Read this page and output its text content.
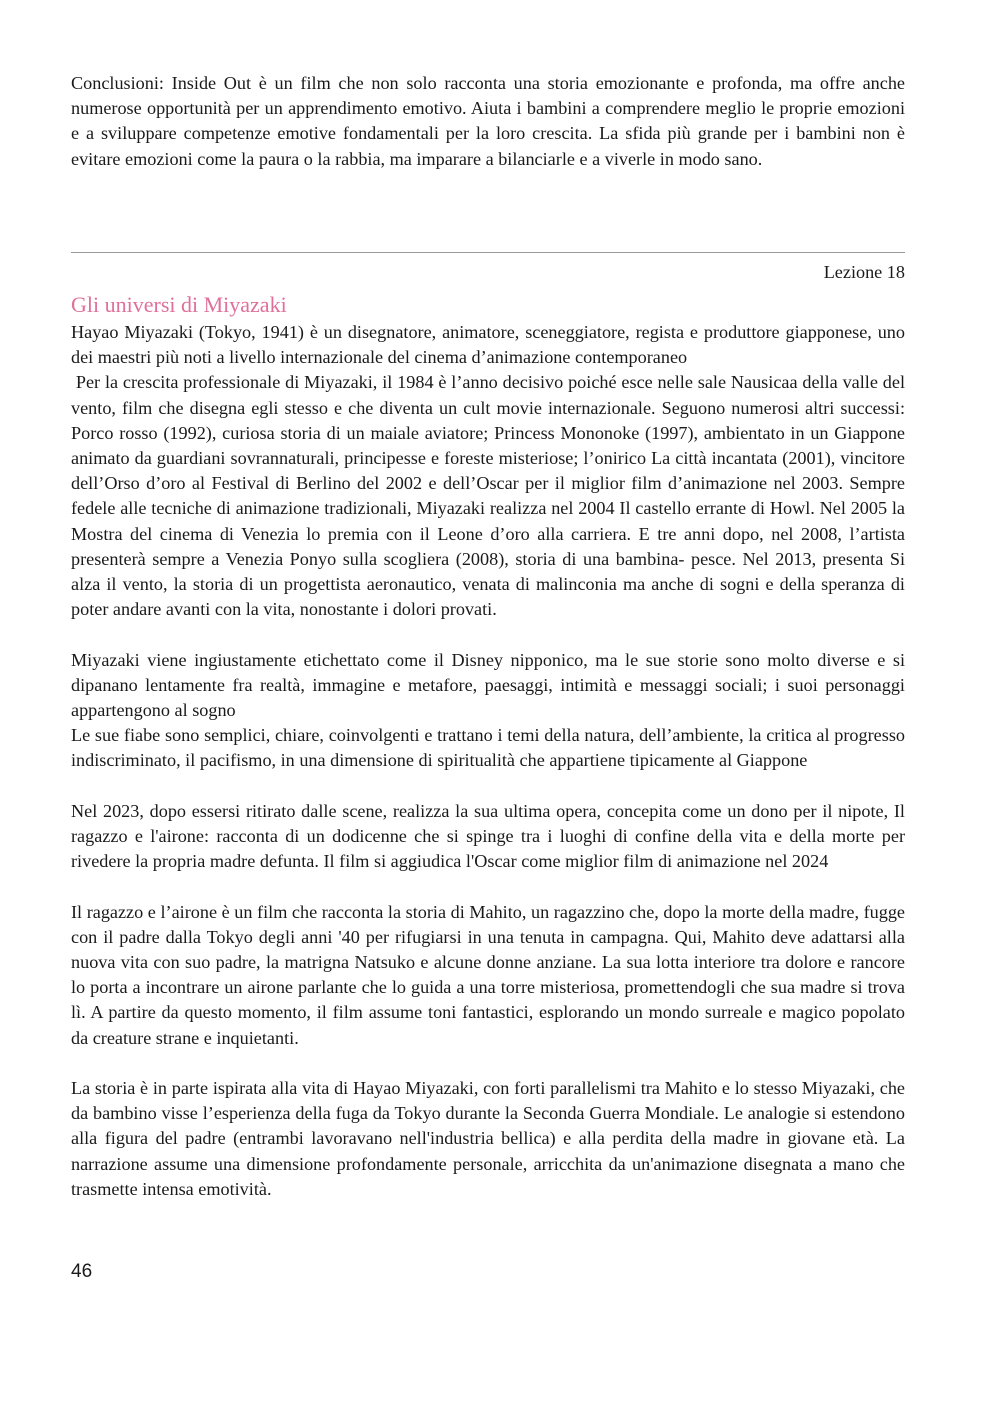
Conclusioni: Inside Out è un film che non solo racconta una storia emozionante e profonda, ma offre anche numerose opportunità per un apprendimento emotivo. Aiuta i bambini a comprendere meglio le proprie emozioni e a sviluppare competenze emotive fondamentali per la loro crescita. La sfida più grande per i bambini non è evitare emozioni come la paura o la rabbia, ma imparare a bilanciarle e a viverle in modo sano.

Lezione 18
Gli universi di Miyazaki

Hayao Miyazaki (Tokyo, 1941) è un disegnatore, animatore, sceneggiatore, regista e produttore giapponese, uno dei maestri più noti a livello internazionale del cinema d’animazione contemporaneo

Per la crescita professionale di Miyazaki, il 1984 è l’anno decisivo poiché esce nelle sale Nausicaa della valle del vento, film che disegna egli stesso e che diventa un cult movie internazionale. Seguono numerosi altri successi: Porco rosso (1992), curiosa storia di un maiale aviatore; Princess Mononoke (1997), ambientato in un Giappone animato da guardiani sovrannaturali, principesse e foreste misteriose; l’onirico La città incantata (2001), vincitore dell’Orso d’oro al Festival di Berlino del 2002 e dell’Oscar per il miglior film d’animazione nel 2003. Sempre fedele alle tecniche di animazione tradizionali, Miyazaki realizza nel 2004 Il castello errante di Howl. Nel 2005 la Mostra del cinema di Venezia lo premia con il Leone d’oro alla carriera. E tre anni dopo, nel 2008, l’artista presenterà sempre a Venezia Ponyo sulla scogliera (2008), storia di una bambina- pesce. Nel 2013, presenta Si alza il vento, la storia di un progettista aeronautico, venata di malinconia ma anche di sogni e della speranza di poter andare avanti con la vita, nonostante i dolori provati.

Miyazaki viene ingiustamente etichettato come il Disney nipponico, ma le sue storie sono molto diverse e si dipanano lentamente fra realtà, immagine e metafore, paesaggi, intimità e messaggi sociali; i suoi personaggi appartengono al sogno

Le sue fiabe sono semplici, chiare, coinvolgenti e trattano i temi della natura, dell’ambiente, la critica al progresso indiscriminato, il pacifismo, in una dimensione di spiritualità che appartiene tipicamente al Giappone

Nel 2023, dopo essersi ritirato dalle scene, realizza la sua ultima opera, concepita come un dono per il nipote, Il ragazzo e l'airone: racconta di un dodicenne che si spinge tra i luoghi di confine della vita e della morte per rivedere la propria madre defunta. Il film si aggiudica l'Oscar come miglior film di animazione nel 2024

Il ragazzo e l’airone è un film che racconta la storia di Mahito, un ragazzino che, dopo la morte della madre, fugge con il padre dalla Tokyo degli anni '40 per rifugiarsi in una tenuta in campagna. Qui, Mahito deve adattarsi alla nuova vita con suo padre, la matrigna Natsuko e alcune donne anziane. La sua lotta interiore tra dolore e rancore lo porta a incontrare un airone parlante che lo guida a una torre misteriosa, promettendogli che sua madre si trova lì. A partire da questo momento, il film assume toni fantastici, esplorando un mondo surreale e magico popolato da creature strane e inquietanti.

La storia è in parte ispirata alla vita di Hayao Miyazaki, con forti parallelismi tra Mahito e lo stesso Miyazaki, che da bambino visse l’esperienza della fuga da Tokyo durante la Seconda Guerra Mondiale. Le analogie si estendono alla figura del padre (entrambi lavoravano nell'industria bellica) e alla perdita della madre in giovane età. La narrazione assume una dimensione profondamente personale, arricchita da un'animazione disegnata a mano che trasmette intensa emotività.

46
